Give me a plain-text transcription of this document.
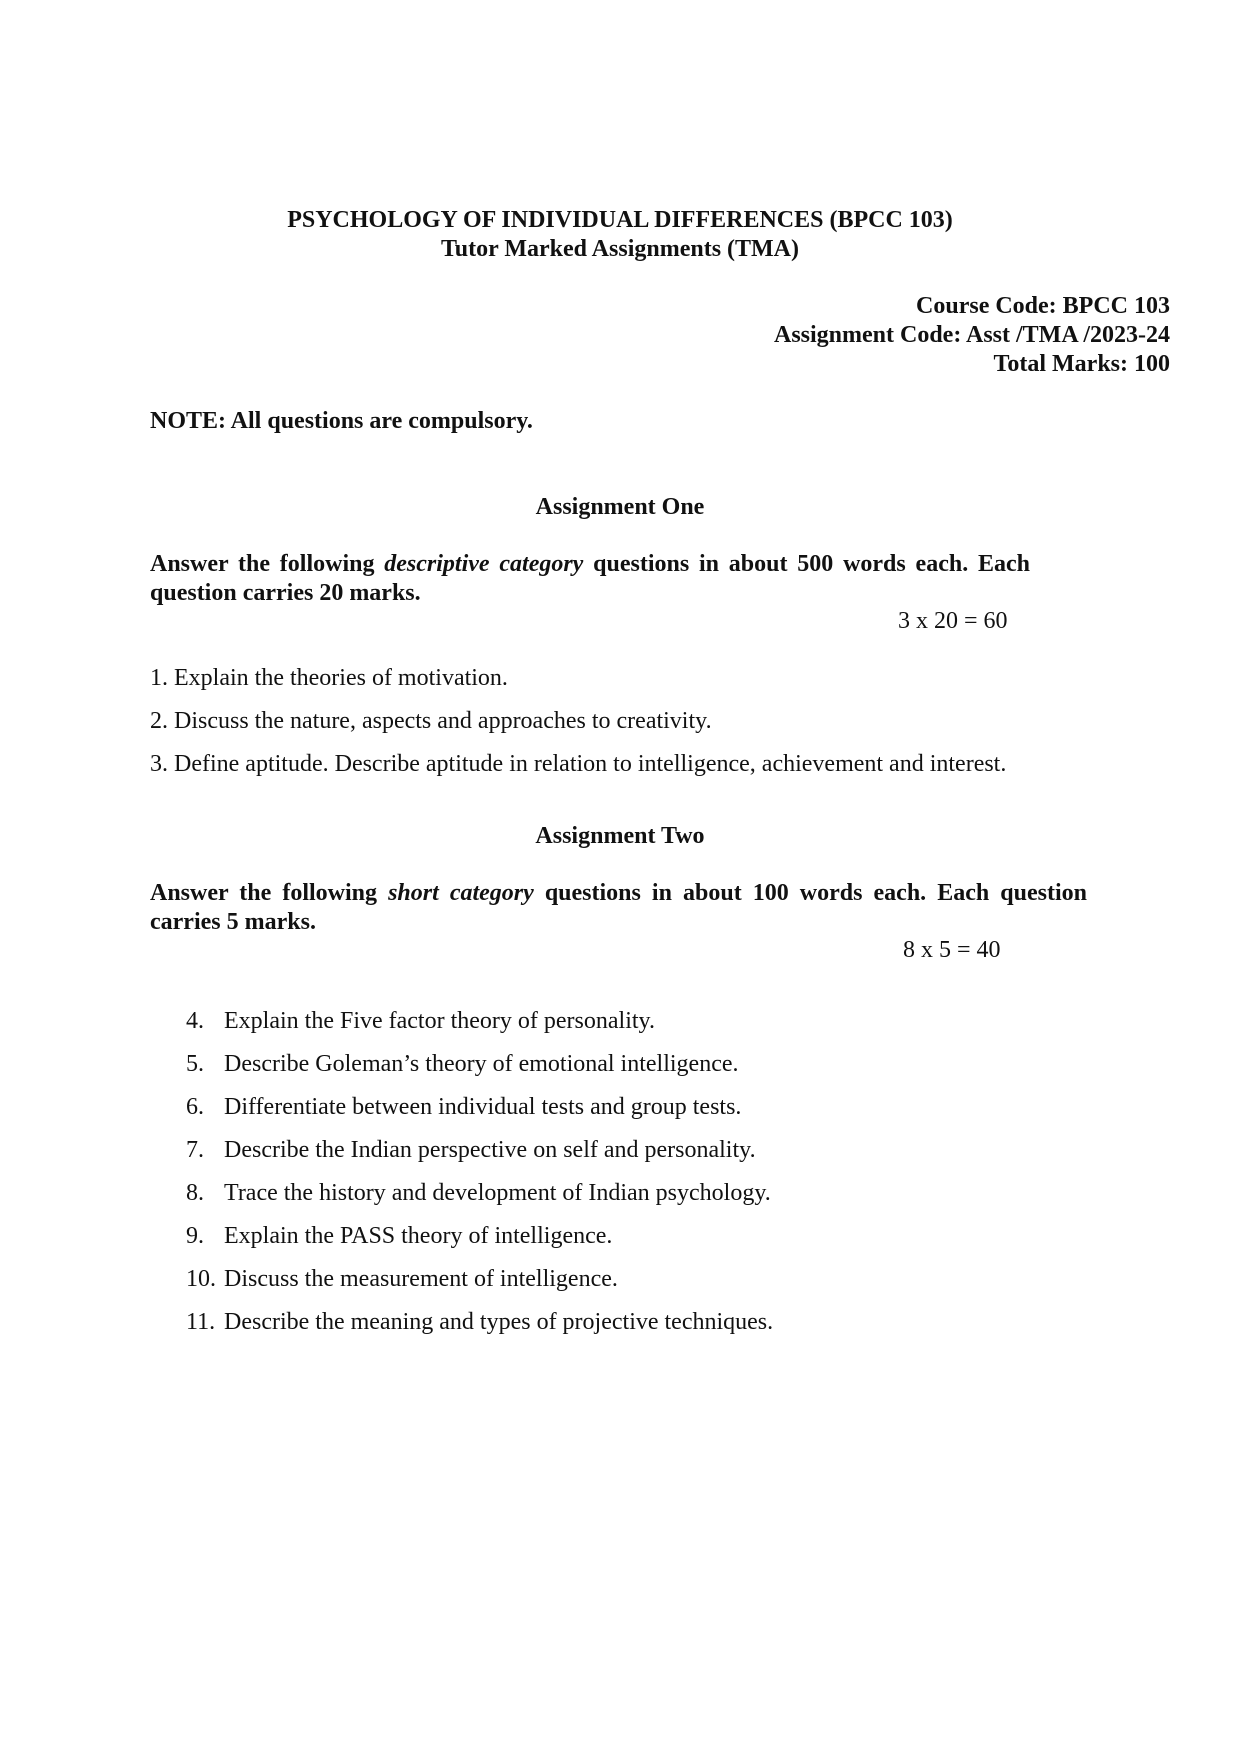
PSYCHOLOGY OF INDIVIDUAL DIFFERENCES (BPCC 103)
Tutor Marked Assignments (TMA)
Course Code: BPCC 103
Assignment Code: Asst /TMA /2023-24
Total Marks: 100
NOTE: All questions are compulsory.
Assignment One
Answer the following descriptive category questions in about 500 words each. Each question carries 20 marks.
3 x 20 = 60
1. Explain the theories of motivation.
2. Discuss the nature, aspects and approaches to creativity.
3. Define aptitude. Describe aptitude in relation to intelligence, achievement and interest.
Assignment Two
Answer the following short category questions in about 100 words each. Each question carries 5 marks.
8 x 5 = 40
4. Explain the Five factor theory of personality.
5. Describe Goleman’s theory of emotional intelligence.
6. Differentiate between individual tests and group tests.
7. Describe the Indian perspective on self and personality.
8. Trace the history and development of Indian psychology.
9. Explain the PASS theory of intelligence.
10. Discuss the measurement of intelligence.
11. Describe the meaning and types of projective techniques.
